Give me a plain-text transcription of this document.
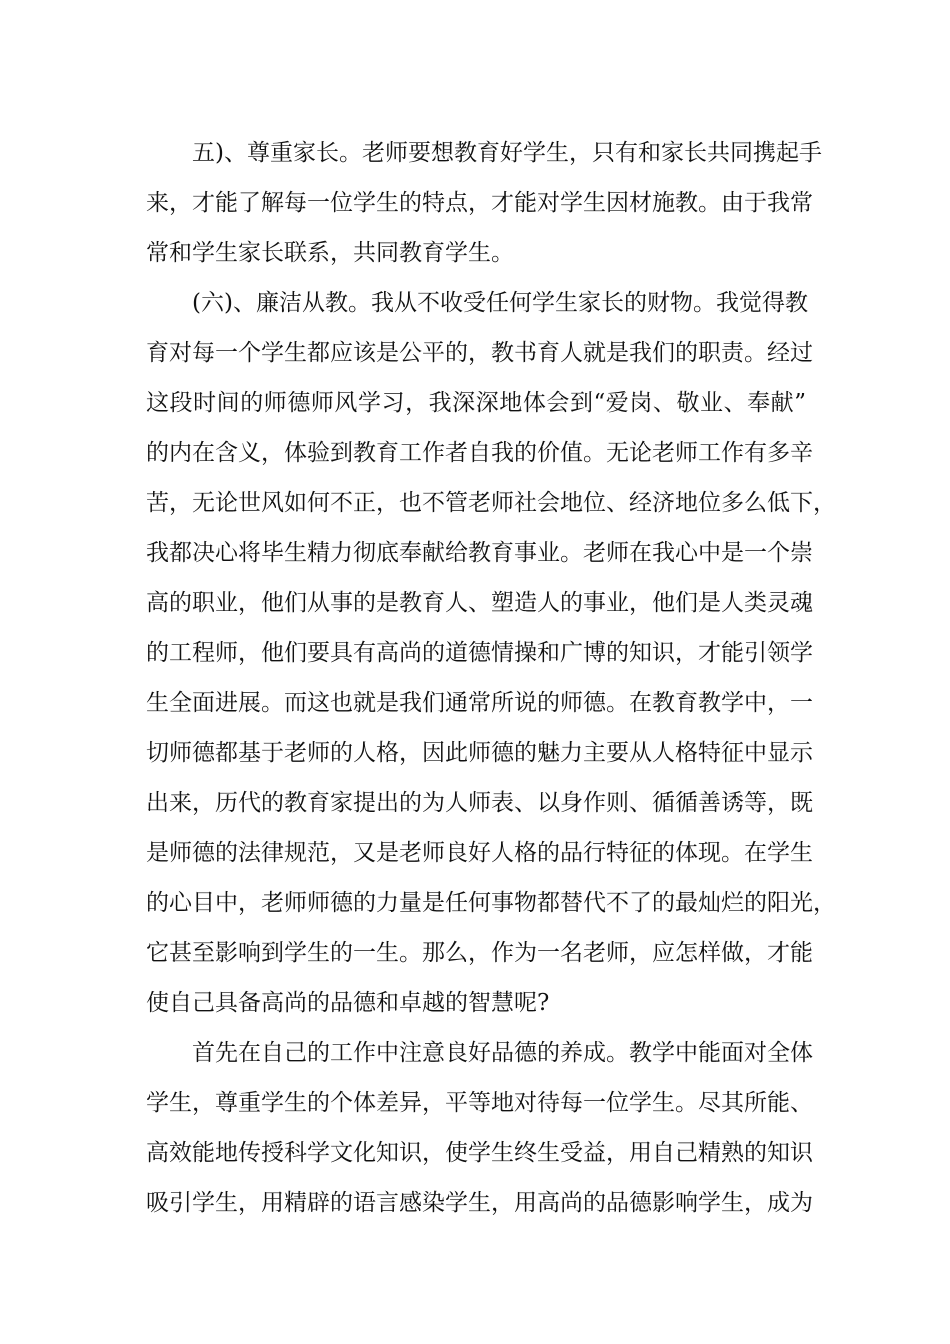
五)、尊重家长。老师要想教育好学生，只有和家长共同携起手
来，才能了解每一位学生的特点，才能对学生因材施教。由于我常
常和学生家长联系，共同教育学生。
(六)、廉洁从教。我从不收受任何学生家长的财物。我觉得教
育对每一个学生都应该是公平的，教书育人就是我们的职责。经过
这段时间的师德师风学习，我深深地体会到“爱岗、敬业、奉献”
的内在含义，体验到教育工作者自我的价值。无论老师工作有多辛
苦，无论世风如何不正，也不管老师社会地位、经济地位多么低下，
我都决心将毕生精力彻底奉献给教育事业。老师在我心中是一个崇
高的职业，他们从事的是教育人、塑造人的事业，他们是人类灵魂
的工程师，他们要具有高尚的道德情操和广博的知识，才能引领学
生全面进展。而这也就是我们通常所说的师德。在教育教学中，一
切师德都基于老师的人格，因此师德的魅力主要从人格特征中显示
出来，历代的教育家提出的为人师表、以身作则、循循善诱等，既
是师德的法律规范，又是老师良好人格的品行特征的体现。在学生
的心目中，老师师德的力量是任何事物都替代不了的最灿烂的阳光，
它甚至影响到学生的一生。那么，作为一名老师，应怎样做，才能
使自己具备高尚的品德和卓越的智慧呢?
首先在自己的工作中注意良好品德的养成。教学中能面对全体
学生，尊重学生的个体差异，平等地对待每一位学生。尽其所能、
高效能地传授科学文化知识，使学生终生受益，用自己精熟的知识
吸引学生，用精辟的语言感染学生，用高尚的品德影响学生，成为
